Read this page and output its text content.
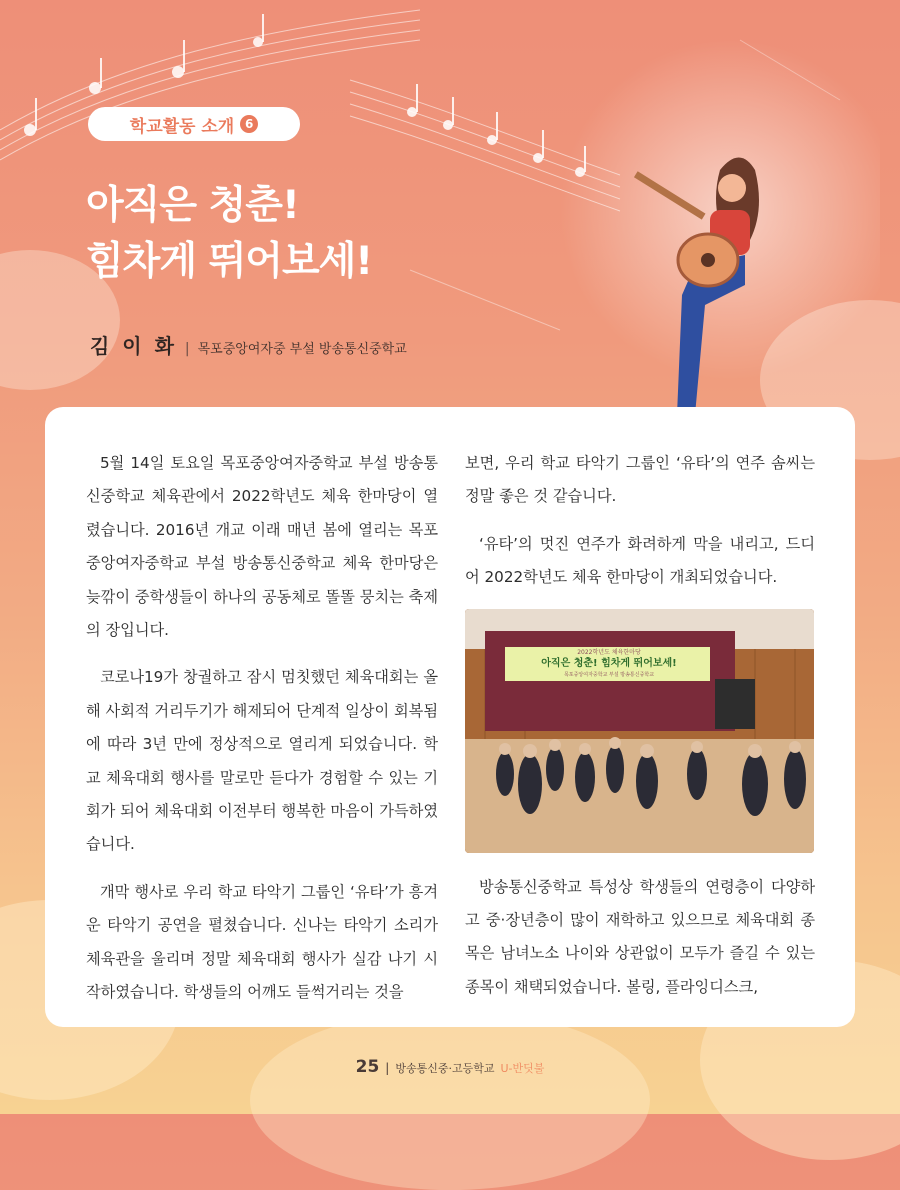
학교활동 소개 6
아직은 청춘!
힘차게 뛰어보세!
김 이 화 | 목포중앙여자중 부설 방송통신중학교

5월 14일 토요일 목포중앙여자중학교 부설 방송통신중학교 체육관에서 2022학년도 체육 한마당이 열렸습니다. 2016년 개교 이래 매년 봄에 열리는 목포중앙여자중학교 부설 방송통신중학교 체육 한마당은 늦깎이 중학생들이 하나의 공동체로 똘똘 뭉치는 축제의 장입니다.

코로나19가 창궐하고 잠시 멈칫했던 체육대회는 올해 사회적 거리두기가 해제되어 단계적 일상이 회복됨에 따라 3년 만에 정상적으로 열리게 되었습니다. 학교 체육대회 행사를 말로만 듣다가 경험할 수 있는 기회가 되어 체육대회 이전부터 행복한 마음이 가득하였습니다.

개막 행사로 우리 학교 타악기 그룹인 ‘유타’가 흥겨운 타악기 공연을 펼쳤습니다. 신나는 타악기 소리가 체육관을 울리며 정말 체육대회 행사가 실감 나기 시작하였습니다. 학생들의 어깨도 들썩거리는 것을

보면, 우리 학교 타악기 그룹인 ‘유타’의 연주 솜씨는 정말 좋은 것 같습니다.

‘유타’의 멋진 연주가 화려하게 막을 내리고, 드디어 2022학년도 체육 한마당이 개최되었습니다.

2022학년도 체육한마당
아직은 청춘! 힘차게 뛰어보세!
목포중앙여자중학교 부설 방송통신중학교

방송통신중학교 특성상 학생들의 연령층이 다양하고 중·장년층이 많이 재학하고 있으므로 체육대회 종목은 남녀노소 나이와 상관없이 모두가 즐길 수 있는 종목이 채택되었습니다. 볼링, 플라잉디스크,

25 | 방송통신중·고등학교 U-반딧불
